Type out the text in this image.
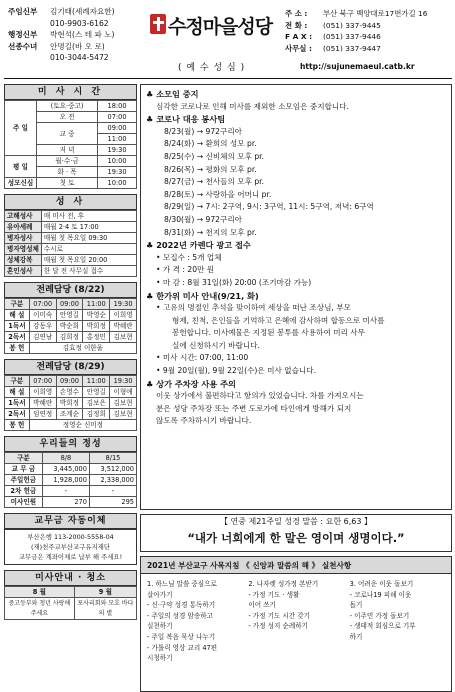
주임신부	김기태(세례자요한)
010-9903-6162
행정신부	박현석(스 테 파 노)
선종수녀	안명길(바 오 로)
010-3044-5472
수정마을성당
( 예 수 성 심 )
주 소 :	부산 북구 백양대로17번가길 16
전 화 :	(051) 337-9445
F A X :	(051) 337-9446
사무실 :	(051) 337-9447
http://sujunemaeul.catb.kr
미 사 시 간
주 일	(토요·중고)	18:00
	오 전	07:00
	교 중	09:00
		11:00
	저 녁	19:30
평 일	월·수·금	10:00
	화 · 목	19:30
성모신심	첫 토	10:00
성 사
고해성사	매 미사 전, 후
유아세례	매월 2·4 토 17:00
병자성사	매월 첫 목요일 09:30
병자영성체	수시로
성체강복	매월 첫 목요일 20:00
혼인성사	한 달 전 사무실 접수
전례담당 (8/22)
구분	07:00	09:00	11:00	19:30
해 설	이미숙	안영길	박영순	이희영
1독서	강동우	박순희	박희정	박혜란
2독서	김연남	김희정	홍정민	김보현
봉 헌	김효정 이한울			
전례담당 (8/29)
구분	07:00	09:00	11:00	19:30
해 설	이희영	손영수	안영길	이형애
1독서	박혜란	박희정	김보은	김보현
2독서	임연정	조계순	김정희	김보현
봉 헌	정영순 신미정			
우리들의 정성
구분	8/8	8/15
교 무 금	3,445,000	3,512,000
주일헌금	1,928,000	2,338,000
2차 헌금	-	-
미사인원	270	295
교무금 자동이체
부산은행 113-2000-5558-04
(재)천주교부산교구유지재단
교무금은 계좌이체로 납부 해 주세요!
미사안내 · 청소
8 월	9 월
중고등부와 청년 사랑해주세요	포사리회와 모호 바다의 별
♣ 소모임 중지
심각한 코로나로 인해 미사를 제외한 소모임은 중지합니다.
♣ 코로나 대응 봉사팀
8/23(월) → 972구리아
8/24(화) → 환희의 성모 pr.
8/25(수) → 신비체의 모후 pr.
8/26(목) → 평화의 모후 pr.
8/27(금) → 천사들의 모후 pr.
8/28(토) → 사랑하을 어머니 pr.
8/29(일) → 7시: 2구역, 9시: 3구역, 11시: 5구역, 저녁: 6구역
8/30(월) → 972구리아
8/31(화) → 천지의 모후 pr.
♣ 2022년 카렌다 광고 접수
• 모집수 : 5개 업체
• 가 격 : 20만 원
• 마 감 : 8월 31일(화) 20:00 (조기마감 가능)
♣ 한가위 미사 안내(9/21, 화)
• 고유의 명절인 추석을 맞이하여 세상을 떠난 조상님, 부모
형제, 친척, 은인들을 기억하고 은혜에 감사하며 합동으로 미사를
봉헌합니다. 미사예물은 지정된 봉투를 사용하여 미리 사무
실에 신청하시기 바랍니다.
• 미사 시간: 07:00, 11:00
• 9월 20일(월), 9월 22일(수)은 미사 없습니다.
♣ 상가 주차장 사용 주의
이웃 상가에서 불편하다고 항의가 있었습니다. 차를 가져오시는
분은 성당 주차장 또는 주변 도로가에 타인에게 방해가 되지
않도록 주차하시기 바랍니다.
【 연중 제21주일 성경 말씀 : 요한 6,63 】
“내가 너희에게 한 말은 영이며 생명이다.”
2021년 부산교구 사목지침 《 신앙과 말씀의 해 》 실천사항
1. 하느님 말씀 중심으로
살아가기
- 신·구약 성경 통독하기
- 주일의 성경 암송하고
실천하기
- 주일 복음 묵상 나누기
- 가톨릭 영상 교리 47편
시청하기
2. 나자렛 성가정 본받기
- 가정 기도 · 생활
이어 쓰기
- 가정 기도 시간 갖기
- 가정 성지 순례하기
3. 어려운 이웃 돌보기
- 코로나19 피해 이웃
돕기
- 이주민 가정 돌보기
- 생태적 회심으로 기부
하기
